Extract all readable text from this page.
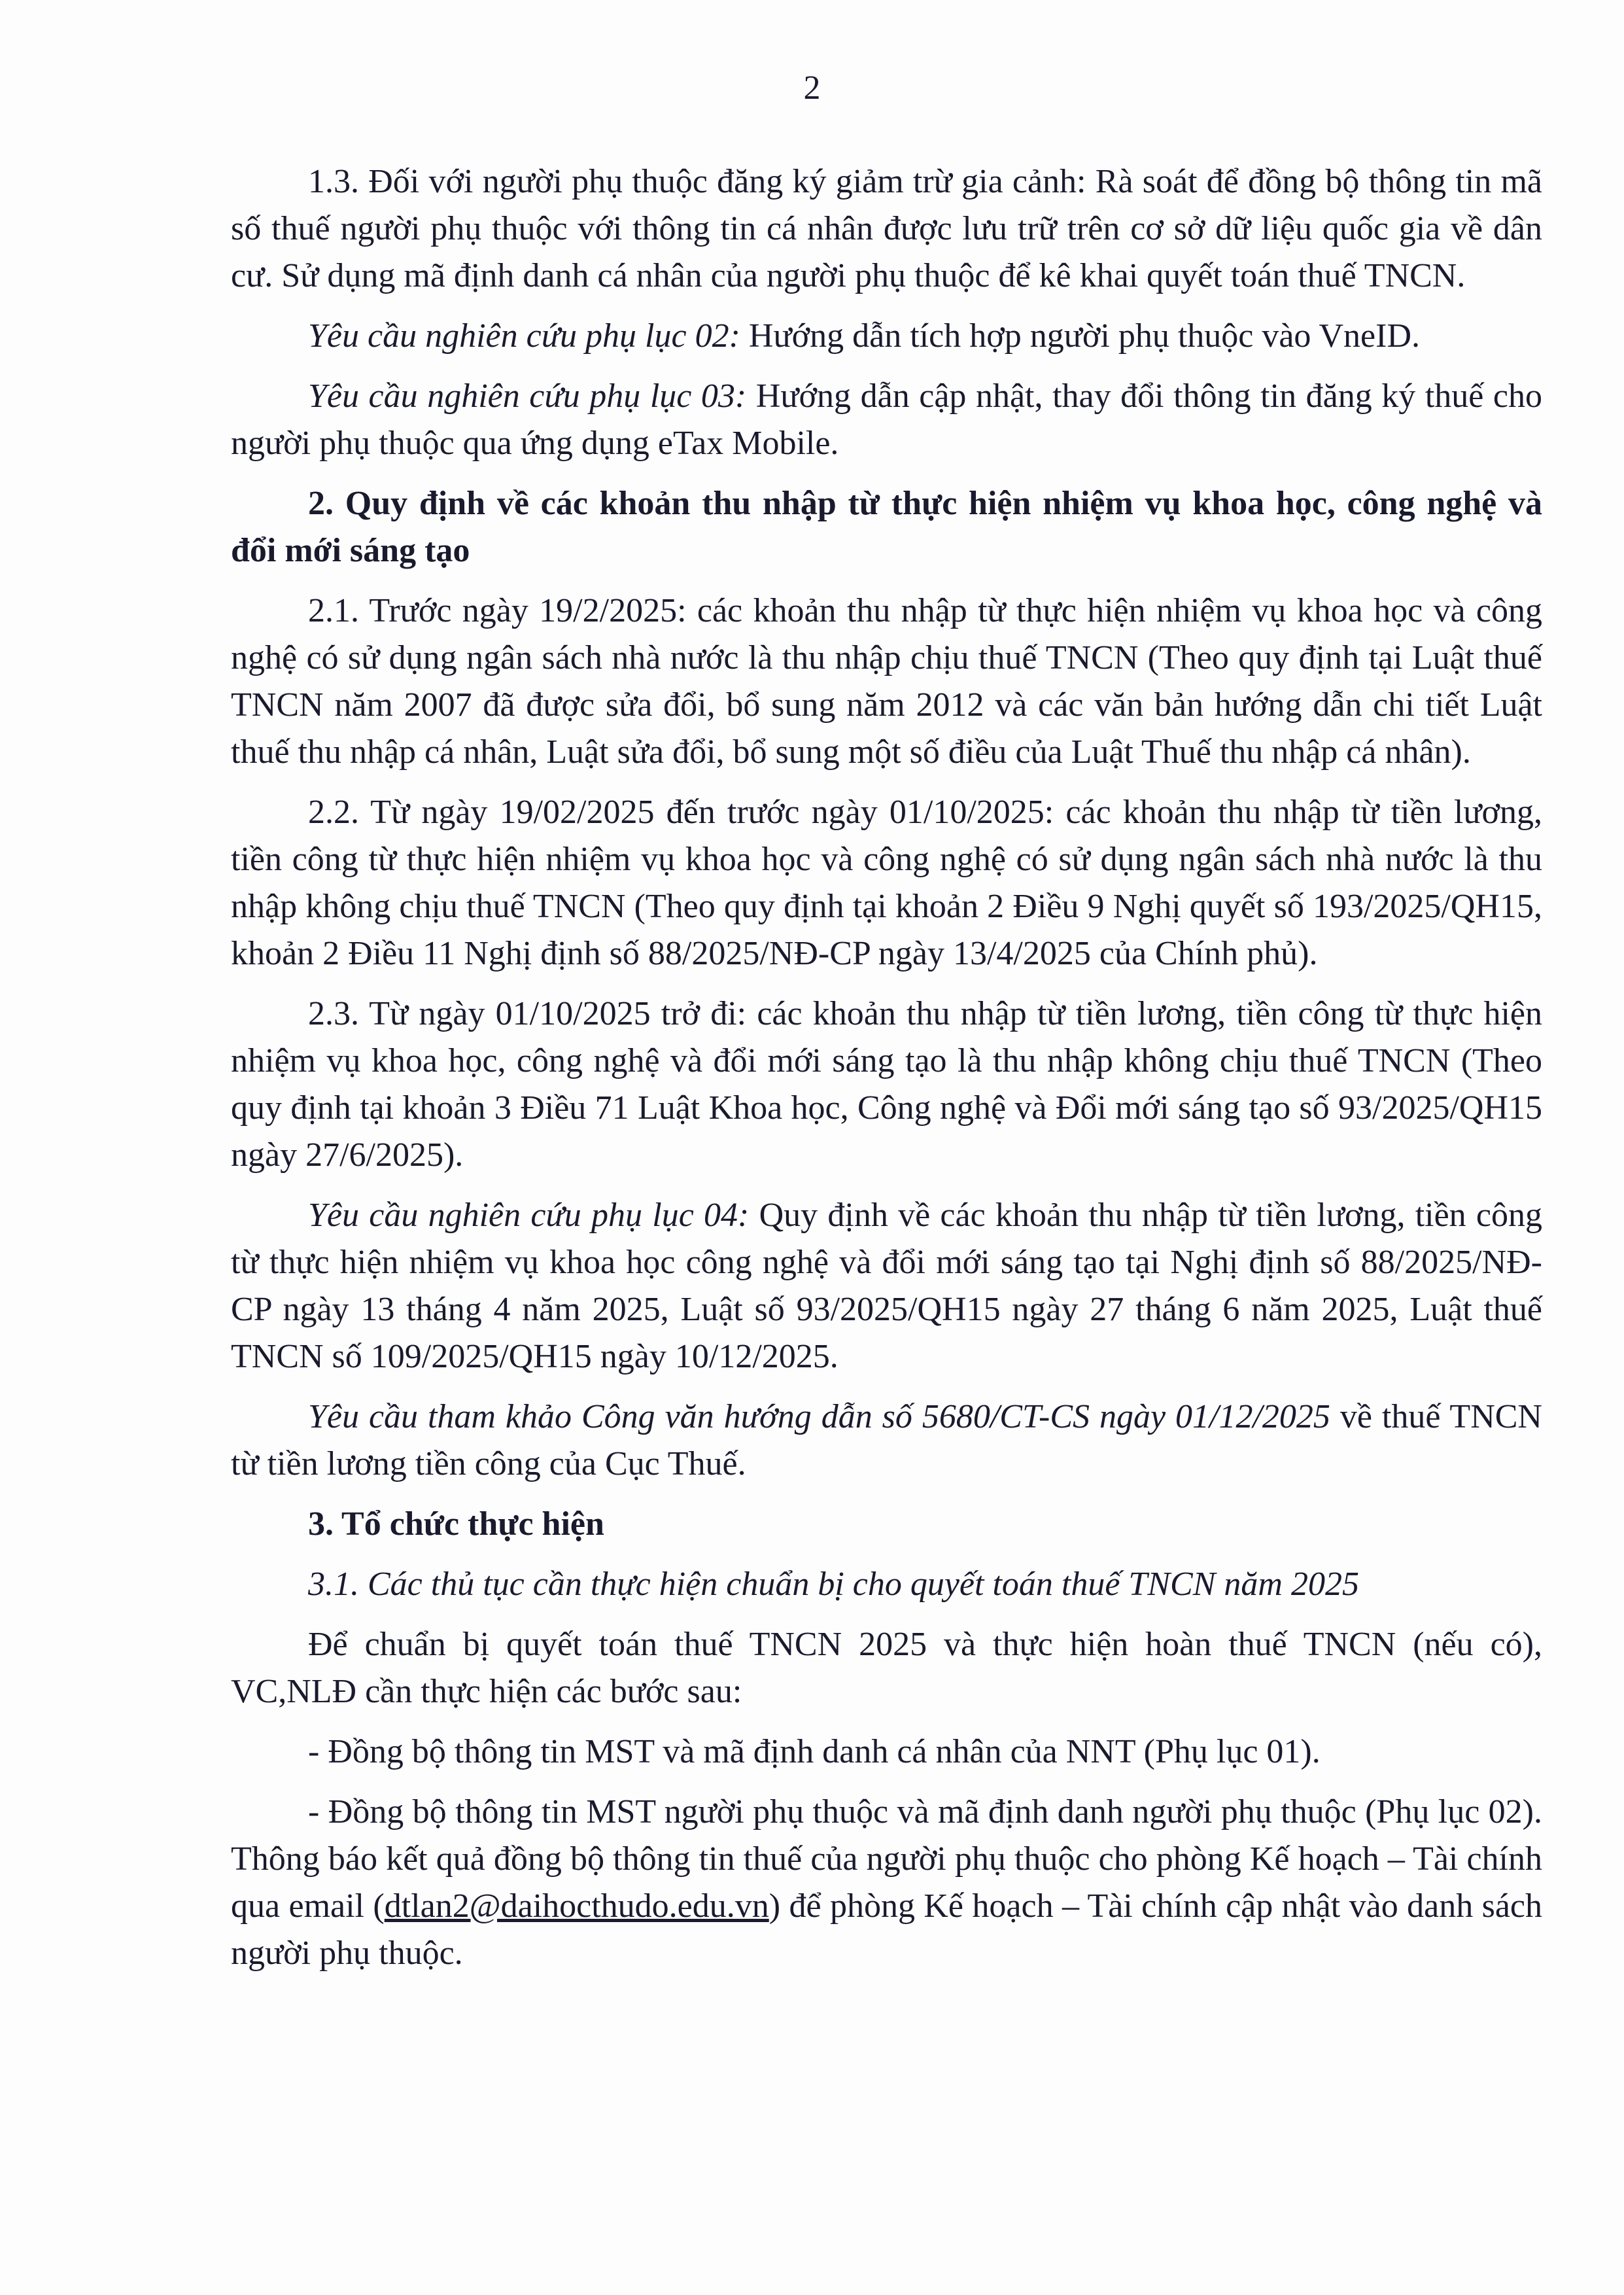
2

1.3. Đối với người phụ thuộc đăng ký giảm trừ gia cảnh: Rà soát để đồng bộ thông tin mã số thuế người phụ thuộc với thông tin cá nhân được lưu trữ trên cơ sở dữ liệu quốc gia về dân cư. Sử dụng mã định danh cá nhân của người phụ thuộc để kê khai quyết toán thuế TNCN.

Yêu cầu nghiên cứu phụ lục 02: Hướng dẫn tích hợp người phụ thuộc vào VneID.

Yêu cầu nghiên cứu phụ lục 03: Hướng dẫn cập nhật, thay đổi thông tin đăng ký thuế cho người phụ thuộc qua ứng dụng eTax Mobile.

2. Quy định về các khoản thu nhập từ thực hiện nhiệm vụ khoa học, công nghệ và đổi mới sáng tạo

2.1. Trước ngày 19/2/2025: các khoản thu nhập từ thực hiện nhiệm vụ khoa học và công nghệ có sử dụng ngân sách nhà nước là thu nhập chịu thuế TNCN (Theo quy định tại Luật thuế TNCN năm 2007 đã được sửa đổi, bổ sung năm 2012 và các văn bản hướng dẫn chi tiết Luật thuế thu nhập cá nhân, Luật sửa đổi, bổ sung một số điều của Luật Thuế thu nhập cá nhân).

2.2. Từ ngày 19/02/2025 đến trước ngày 01/10/2025: các khoản thu nhập từ tiền lương, tiền công từ thực hiện nhiệm vụ khoa học và công nghệ có sử dụng ngân sách nhà nước là thu nhập không chịu thuế TNCN (Theo quy định tại khoản 2 Điều 9 Nghị quyết số 193/2025/QH15, khoản 2 Điều 11 Nghị định số 88/2025/NĐ-CP ngày 13/4/2025 của Chính phủ).

2.3. Từ ngày 01/10/2025 trở đi: các khoản thu nhập từ tiền lương, tiền công từ thực hiện nhiệm vụ khoa học, công nghệ và đổi mới sáng tạo là thu nhập không chịu thuế TNCN (Theo quy định tại khoản 3 Điều 71 Luật Khoa học, Công nghệ và Đổi mới sáng tạo số 93/2025/QH15 ngày 27/6/2025).

Yêu cầu nghiên cứu phụ lục 04: Quy định về các khoản thu nhập từ tiền lương, tiền công từ thực hiện nhiệm vụ khoa học công nghệ và đổi mới sáng tạo tại Nghị định số 88/2025/NĐ-CP ngày 13 tháng 4 năm 2025, Luật số 93/2025/QH15 ngày 27 tháng 6 năm 2025, Luật thuế TNCN số 109/2025/QH15 ngày 10/12/2025.

Yêu cầu tham khảo Công văn hướng dẫn số 5680/CT-CS ngày 01/12/2025 về thuế TNCN từ tiền lương tiền công của Cục Thuế.

3. Tổ chức thực hiện

3.1. Các thủ tục cần thực hiện chuẩn bị cho quyết toán thuế TNCN năm 2025

Để chuẩn bị quyết toán thuế TNCN 2025 và thực hiện hoàn thuế TNCN (nếu có), VC,NLĐ cần thực hiện các bước sau:

- Đồng bộ thông tin MST và mã định danh cá nhân của NNT (Phụ lục 01).

- Đồng bộ thông tin MST người phụ thuộc và mã định danh người phụ thuộc (Phụ lục 02). Thông báo kết quả đồng bộ thông tin thuế của người phụ thuộc cho phòng Kế hoạch – Tài chính qua email (dtlan2@daihocthudo.edu.vn) để phòng Kế hoạch – Tài chính cập nhật vào danh sách người phụ thuộc.
